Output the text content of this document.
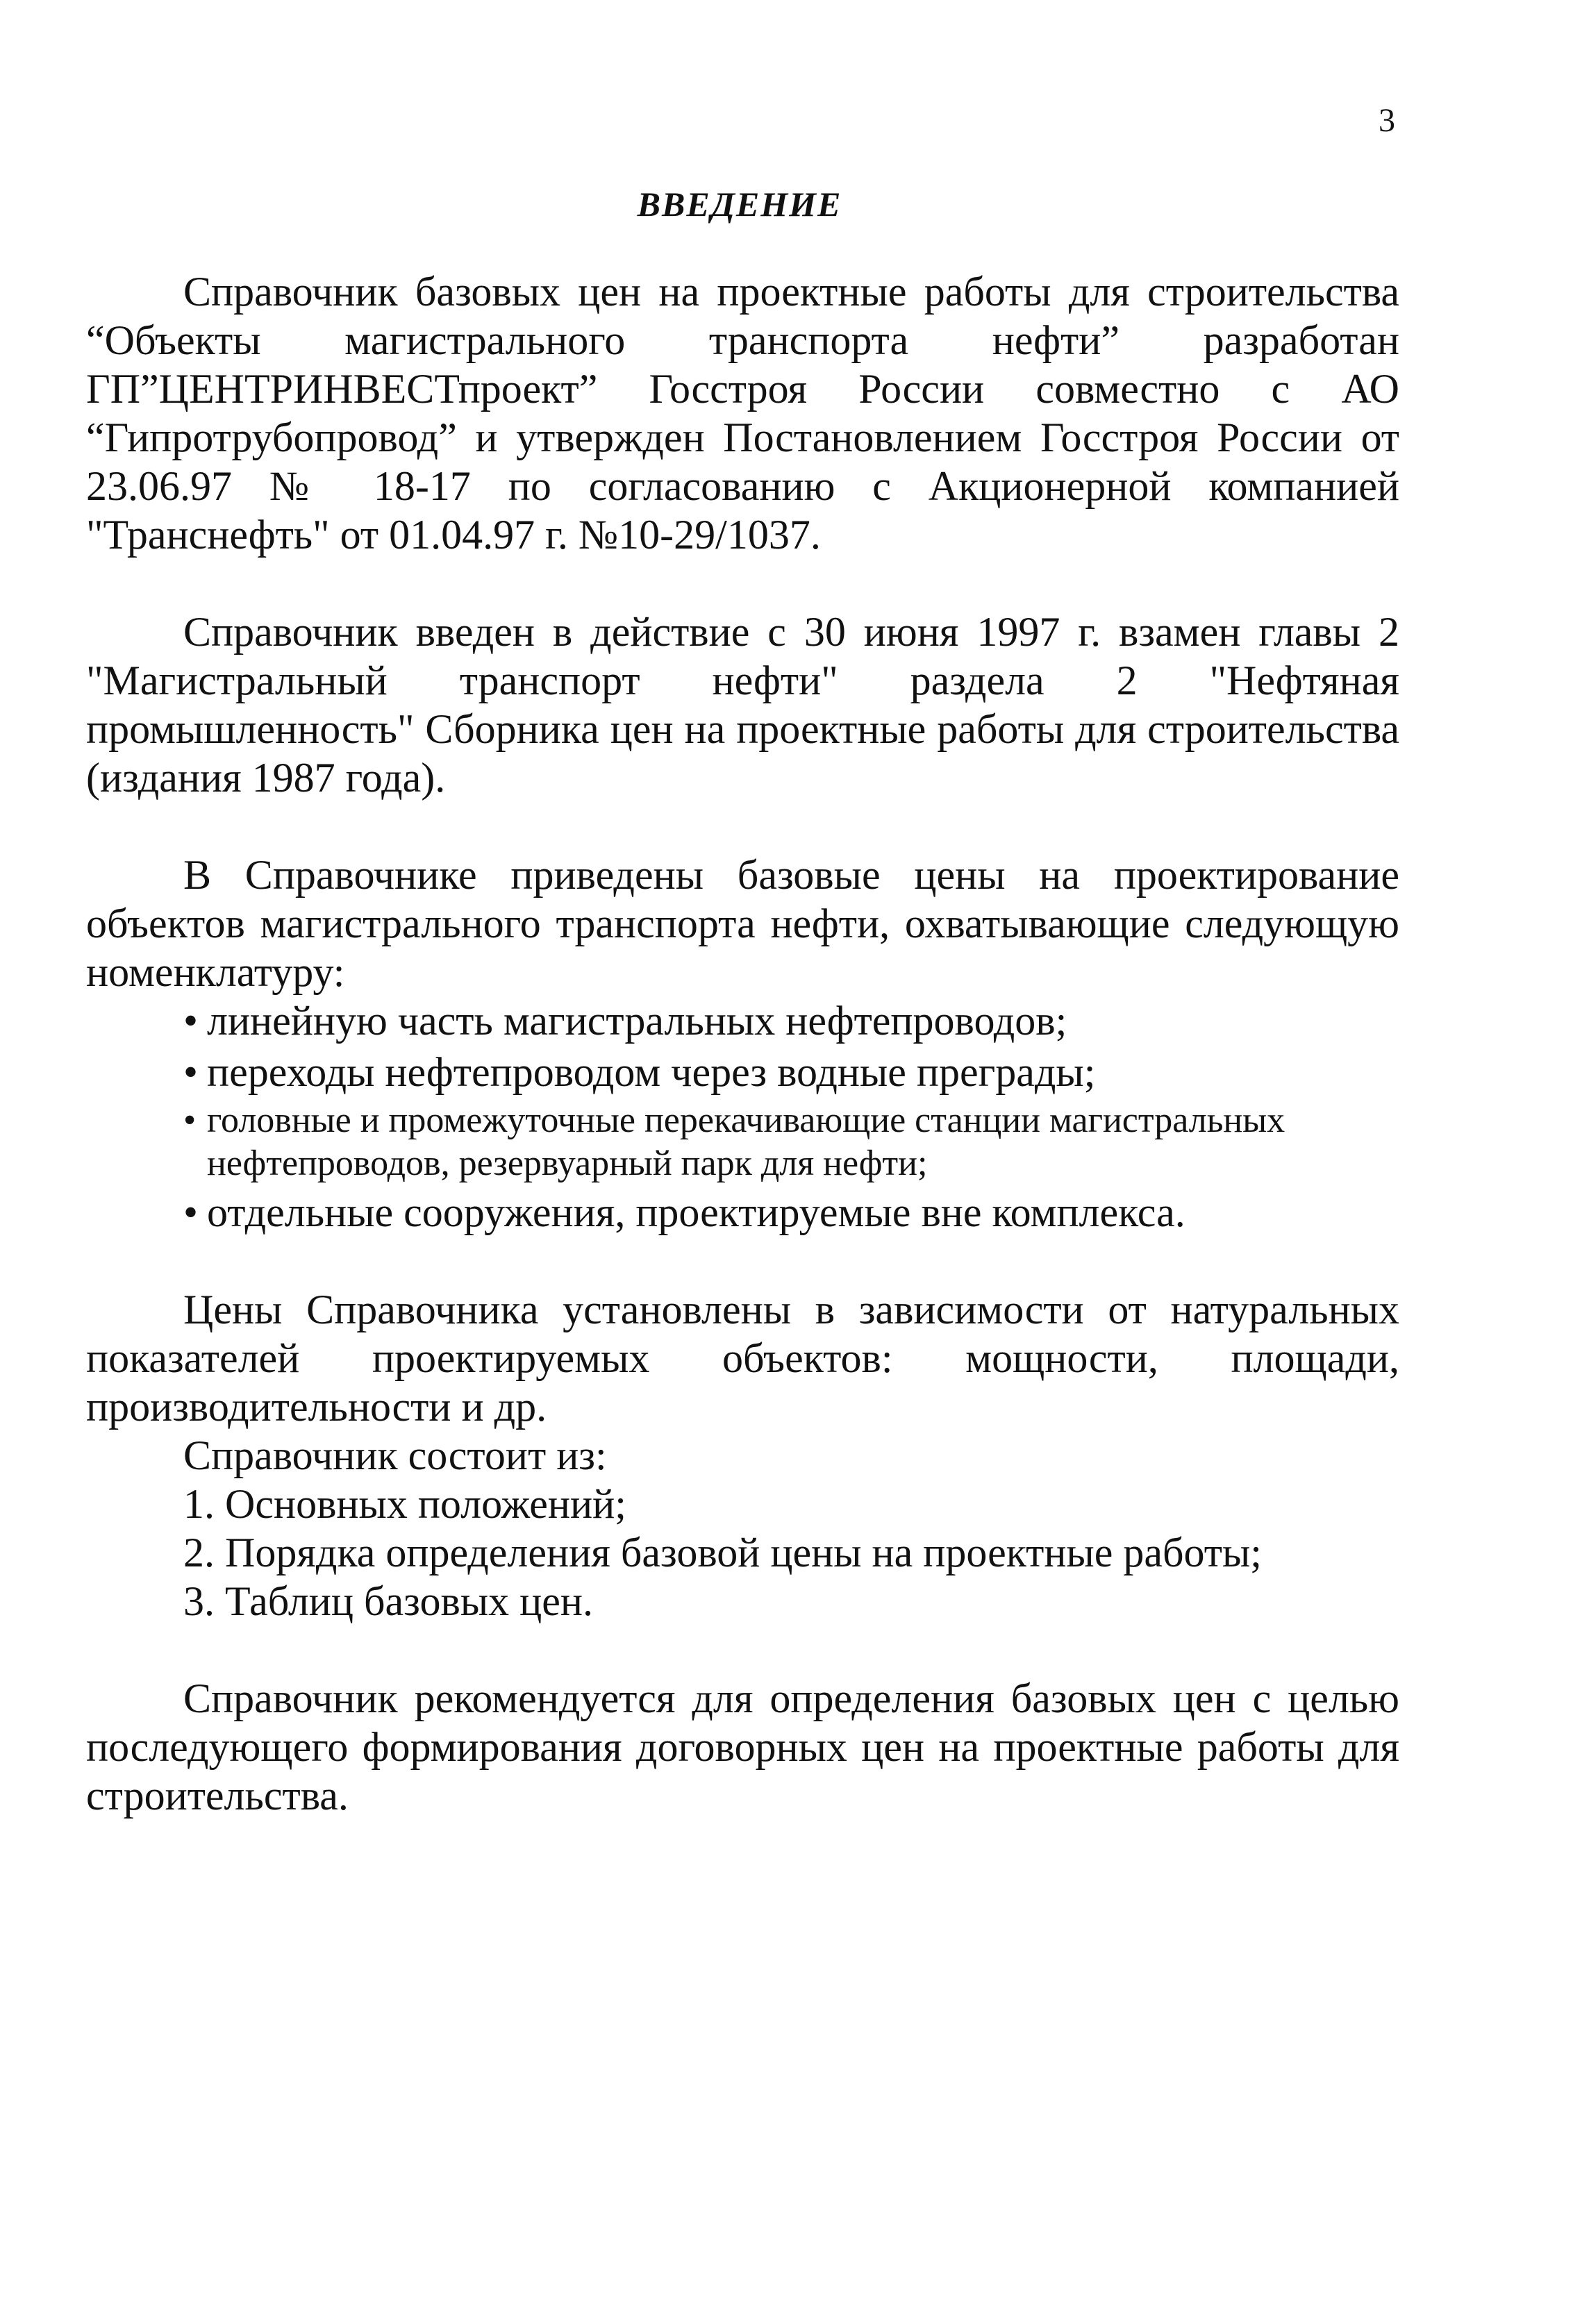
3
ВВЕДЕНИЕ

Справочник базовых цен на проектные работы для строительства “Объекты магистрального транспорта нефти” разработан ГП”ЦЕНТРИНВЕСТпроект” Госстроя России совместно с АО “Гипротрубопровод” и утвержден Постановлением Госстроя России от 23.06.97 № 18-17 по согласованию с Акционерной компанией "Транснефть" от 01.04.97 г. №10-29/1037.

Справочник введен в действие с 30 июня 1997 г. взамен главы 2 "Магистральный транспорт нефти" раздела 2 "Нефтяная промышленность" Сборника цен на проектные работы для строительства (издания 1987 года).

В Справочнике приведены базовые цены на проектирование объектов магистрального транспорта нефти, охватывающие следующую номенклатуру:

• линейную часть магистральных нефтепроводов;
• переходы нефтепроводом через водные преграды;
• головные и промежуточные перекачивающие станции магистральных нефтепроводов, резервуарный парк для нефти;
• отдельные сооружения, проектируемые вне комплекса.

Цены Справочника установлены в зависимости от натуральных показателей проектируемых объектов: мощности, площади, производительности и др.

Справочник состоит из:

1. Основных положений;
2. Порядка определения базовой цены на проектные работы;
3. Таблиц базовых цен.

Справочник рекомендуется для определения базовых цен с целью последующего формирования договорных цен на проектные работы для строительства.
